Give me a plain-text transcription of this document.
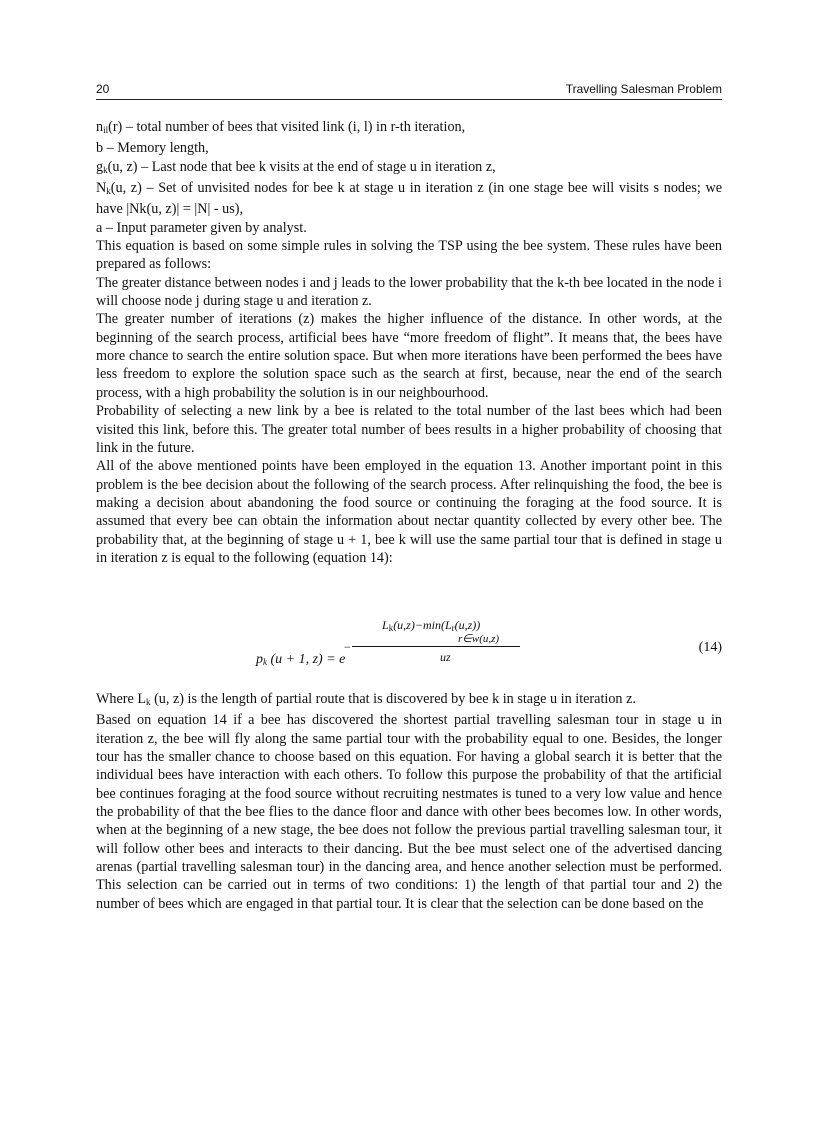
20	Travelling Salesman Problem

$n_{il}(r)$ – total number of bees that visited link (i, l) in r-th iteration,

b – Memory length,

$g_k(u$, z) – Last node that bee k visits at the end of stage u in iteration z,

$N_k(u$, z) – Set of unvisited nodes for bee k at stage u in iteration z (in one stage bee will visits s nodes; we have |Nk(u, z)| = |N| - us),

a – Input parameter given by analyst.

This equation is based on some simple rules in solving the TSP using the bee system. These rules have been prepared as follows:

The greater distance between nodes i and j leads to the lower probability that the k-th bee located in the node i will choose node j during stage u and iteration z.

The greater number of iterations (z) makes the higher influence of the distance. In other words, at the beginning of the search process, artificial bees have “more freedom of flight”. It means that, the bees have more chance to search the entire solution space. But when more iterations have been performed the bees have less freedom to explore the solution space such as the search at first, because, near the end of the search process, with a high probability the solution is in our neighbourhood.

Probability of selecting a new link by a bee is related to the total number of the last bees which had been visited this link, before this. The greater total number of bees results in a higher probability of choosing that link in the future.

All of the above mentioned points have been employed in the equation 13. Another important point in this problem is the bee decision about the following of the search process. After relinquishing the food, the bee is making a decision about abandoning the food source or continuing the foraging at the food source. It is assumed that every bee can obtain the information about nectar quantity collected by every other bee. The probability that, at the beginning of stage u + 1, bee k will use the same partial tour that is defined in stage u in iteration z is equal to the following (equation 14):

$p_k$ (u + 1, z) = e
$L_k(u,z)-\min(L_r(u,z))$
r∈w(u,z)
−
uz
(14)

Where $L_k$ (u, z) is the length of partial route that is discovered by bee k in stage u in iteration z.

Based on equation 14 if a bee has discovered the shortest partial travelling salesman tour in stage u in iteration z, the bee will fly along the same partial tour with the probability equal to one. Besides, the longer tour has the smaller chance to choose based on this equation. For having a global search it is better that the individual bees have interaction with each others. To follow this purpose the probability of that the artificial bee continues foraging at the food source without recruiting nestmates is tuned to a very low value and hence the probability of that the bee flies to the dance floor and dance with other bees becomes low. In other words, when at the beginning of a new stage, the bee does not follow the previous partial travelling salesman tour, it will follow other bees and interacts to their dancing. But the bee must select one of the advertised dancing arenas (partial travelling salesman tour) in the dancing area, and hence another selection must be performed. This selection can be carried out in terms of two conditions: 1) the length of that partial tour and 2) the number of bees which are engaged in that partial tour. It is clear that the selection can be done based on the
